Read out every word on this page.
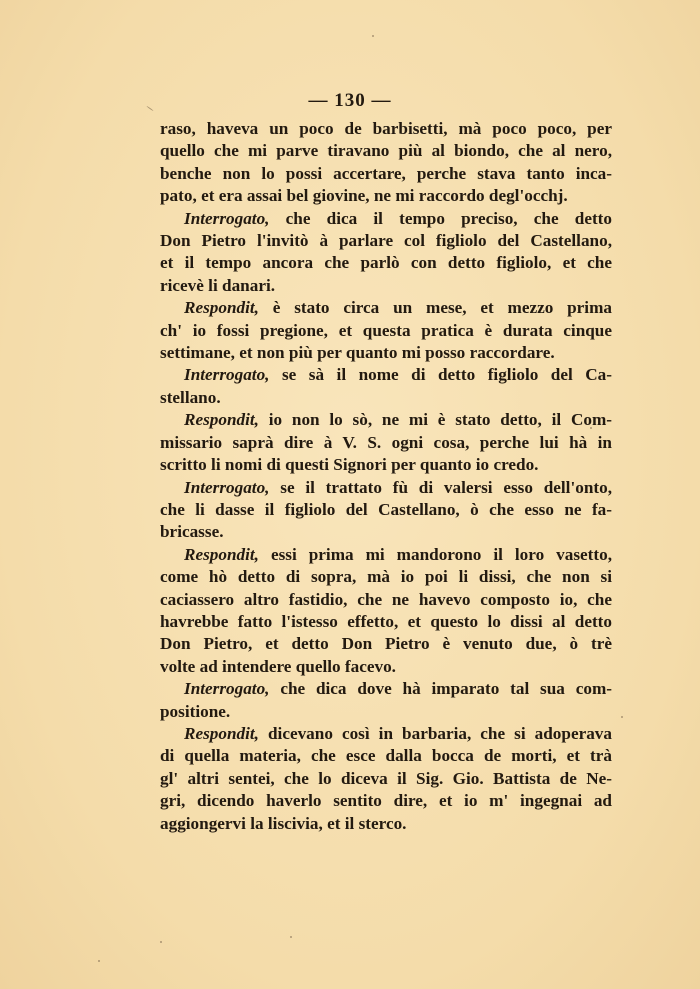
— 130 —
raso, haveva un poco de barbisetti, mà poco poco, per
quello che mi parve tiravano più al biondo, che al nero,
benche non lo possi accertare, perche stava tanto inca-
pato, et era assai bel giovine, ne mi raccordo degl'occhj.
Interrogato, che dica il tempo preciso, che detto
Don Pietro l'invitò à parlare col figliolo del Castellano,
et il tempo ancora che parlò con detto figliolo, et che
ricevè li danari.
Respondit, è stato circa un mese, et mezzo prima
ch' io fossi pregione, et questa pratica è durata cinque
settimane, et non più per quanto mi posso raccordare.
Interrogato, se sà il nome di detto figliolo del Ca-
stellano.
Respondit, io non lo sò, ne mi è stato detto, il Com-
missario saprà dire à V. S. ogni cosa, perche lui hà in
scritto li nomi di questi Signori per quanto io credo.
Interrogato, se il trattato fù di valersi esso dell'onto,
che li dasse il figliolo del Castellano, ò che esso ne fa-
bricasse.
Respondit, essi prima mi mandorono il loro vasetto,
come hò detto di sopra, mà io poi li dissi, che non si
caciassero altro fastidio, che ne havevo composto io, che
havrebbe fatto l'istesso effetto, et questo lo dissi al detto
Don Pietro, et detto Don Pietro è venuto due, ò trè
volte ad intendere quello facevo.
Interrogato, che dica dove hà imparato tal sua com-
positione.
Respondit, dicevano così in barbaria, che si adoperava
di quella materia, che esce dalla bocca de morti, et trà
gl' altri sentei, che lo diceva il Sig. Gio. Battista de Ne-
gri, dicendo haverlo sentito dire, et io m' ingegnai ad
aggiongervi la liscivia, et il sterco.
